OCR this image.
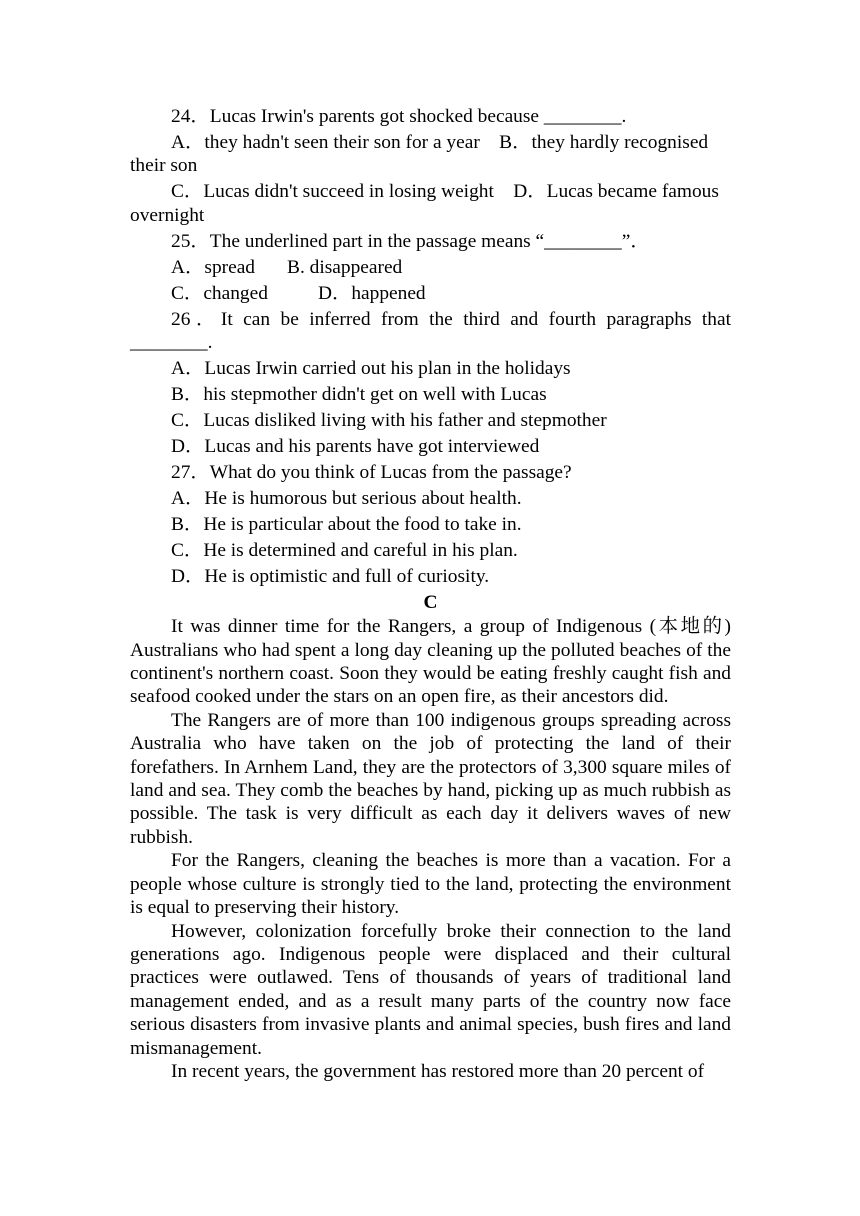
24．Lucas Irwin's parents got shocked because ________.

A．they hadn't seen their son for a year　B．they hardly recognised their son

C．Lucas didn't succeed in losing weight　D．Lucas became famous overnight

25．The underlined part in the passage means “________”．

A．spread B. disappeared

C．changed	D．happened

26．It can be inferred from the third and fourth paragraphs that ________.

A．Lucas Irwin carried out his plan in the holidays

B．his stepmother didn't get on well with Lucas

C．Lucas disliked living with his father and stepmother

D．Lucas and his parents have got interviewed

27．What do you think of Lucas from the passage?

A．He is humorous but serious about health.

B．He is particular about the food to take in.

C．He is determined and careful in his plan.

D．He is optimistic and full of curiosity.

C

It was dinner time for the Rangers, a group of Indigenous (本地的) Australians who had spent a long day cleaning up the polluted beaches of the continent's northern coast. Soon they would be eating freshly caught fish and seafood cooked under the stars on an open fire, as their ancestors did.

The Rangers are of more than 100 indigenous groups spreading across Australia who have taken on the job of protecting the land of their forefathers. In Arnhem Land, they are the protectors of 3,300 square miles of land and sea. They comb the beaches by hand, picking up as much rubbish as possible. The task is very difficult as each day it delivers waves of new rubbish.

For the Rangers, cleaning the beaches is more than a vacation. For a people whose culture is strongly tied to the land, protecting the environment is equal to preserving their history.

However, colonization forcefully broke their connection to the land generations ago. Indigenous people were displaced and their cultural practices were outlawed. Tens of thousands of years of traditional land management ended, and as a result many parts of the country now face serious disasters from invasive plants and animal species, bush fires and land mismanagement.

In recent years, the government has restored more than 20 percent of
